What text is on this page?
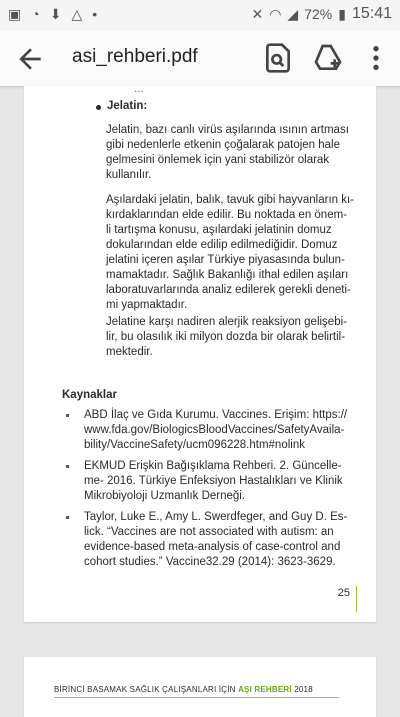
▣ ◔ ⬇ △ •	✕ ◠ ◢ 72% ▮ 15:41
asi_rehberi.pdf
...
Jelatin:
Jelatin, bazı canlı virüs aşılarında ısının artması
gibi nedenlerle etkenin çoğalarak patojen hale
gelmesini önlemek için yani stabilizör olarak
kullanılır.
Aşılardaki jelatin, balık, tavuk gibi hayvanların kı-
kırdaklarından elde edilir. Bu noktada en önem-
li tartışma konusu, aşılardaki jelatinin domuz
dokularından elde edilip edilmediğidir. Domuz
jelatini içeren aşılar Türkiye piyasasında bulun-
mamaktadır. Sağlık Bakanlığı ithal edilen aşıları
laboratuvarlarında analiz edilerek gerekli deneti-
mi yapmaktadır.
Jelatine karşı nadiren alerjik reaksiyon gelişebi-
lir, bu olasılık iki milyon dozda bir olarak belirtil-
mektedir.
Kaynaklar
ABD İlaç ve Gıda Kurumu. Vaccines. Erişim: https://
www.fda.gov/BiologicsBloodVaccines/SafetyAvaila-
bility/VaccineSafety/ucm096228.htm#nolink
EKMUD Erişkin Bağışıklama Rehberi. 2. Güncelle-
me- 2016. Türkiye Enfeksiyon Hastalıkları ve Klinik
Mikrobiyoloji Uzmanlık Derneği.
Taylor, Luke E., Amy L. Swerdfeger, and Guy D. Es-
lick. “Vaccines are not associated with autism: an
evidence-based meta-analysis of case-control and
cohort studies.” Vaccine32.29 (2014): 3623-3629.
25
BİRİNCİ BASAMAK SAĞLIK ÇALIŞANLARI İÇİN AŞI REHBERİ 2018
